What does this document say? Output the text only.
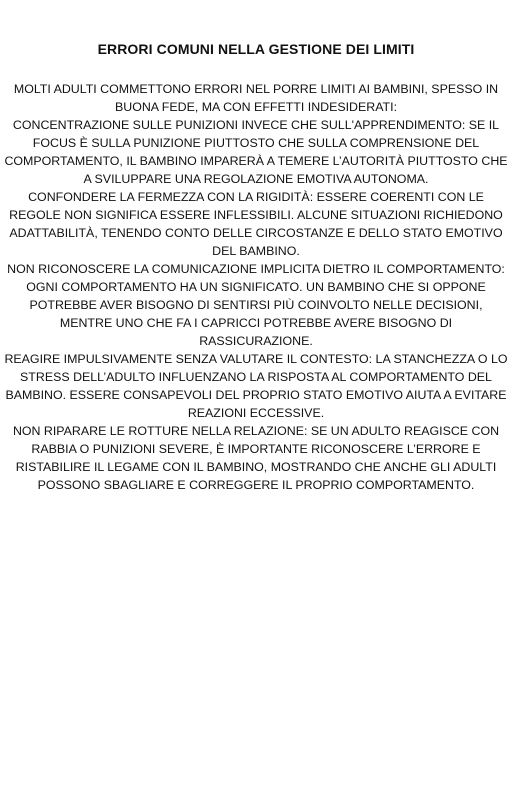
ERRORI COMUNI NELLA GESTIONE DEI LIMITI

MOLTI ADULTI COMMETTONO ERRORI NEL PORRE LIMITI AI BAMBINI, SPESSO IN BUONA FEDE, MA CON EFFETTI INDESIDERATI:

CONCENTRAZIONE SULLE PUNIZIONI INVECE CHE SULL'APPRENDIMENTO: SE IL FOCUS È SULLA PUNIZIONE PIUTTOSTO CHE SULLA COMPRENSIONE DEL COMPORTAMENTO, IL BAMBINO IMPARERÀ A TEMERE L’AUTORITÀ PIUTTOSTO CHE A SVILUPPARE UNA REGOLAZIONE EMOTIVA AUTONOMA.

CONFONDERE LA FERMEZZA CON LA RIGIDITÀ: ESSERE COERENTI CON LE REGOLE NON SIGNIFICA ESSERE INFLESSIBILI. ALCUNE SITUAZIONI RICHIEDONO ADATTABILITÀ, TENENDO CONTO DELLE CIRCOSTANZE E DELLO STATO EMOTIVO DEL BAMBINO.

NON RICONOSCERE LA COMUNICAZIONE IMPLICITA DIETRO IL COMPORTAMENTO: OGNI COMPORTAMENTO HA UN SIGNIFICATO. UN BAMBINO CHE SI OPPONE POTREBBE AVER BISOGNO DI SENTIRSI PIÙ COINVOLTO NELLE DECISIONI, MENTRE UNO CHE FA I CAPRICCI POTREBBE AVERE BISOGNO DI RASSICURAZIONE.

REAGIRE IMPULSIVAMENTE SENZA VALUTARE IL CONTESTO: LA STANCHEZZA O LO STRESS DELL’ADULTO INFLUENZANO LA RISPOSTA AL COMPORTAMENTO DEL BAMBINO. ESSERE CONSAPEVOLI DEL PROPRIO STATO EMOTIVO AIUTA A EVITARE REAZIONI ECCESSIVE.

NON RIPARARE LE ROTTURE NELLA RELAZIONE: SE UN ADULTO REAGISCE CON RABBIA O PUNIZIONI SEVERE, È IMPORTANTE RICONOSCERE L’ERRORE E RISTABILIRE IL LEGAME CON IL BAMBINO, MOSTRANDO CHE ANCHE GLI ADULTI POSSONO SBAGLIARE E CORREGGERE IL PROPRIO COMPORTAMENTO.
